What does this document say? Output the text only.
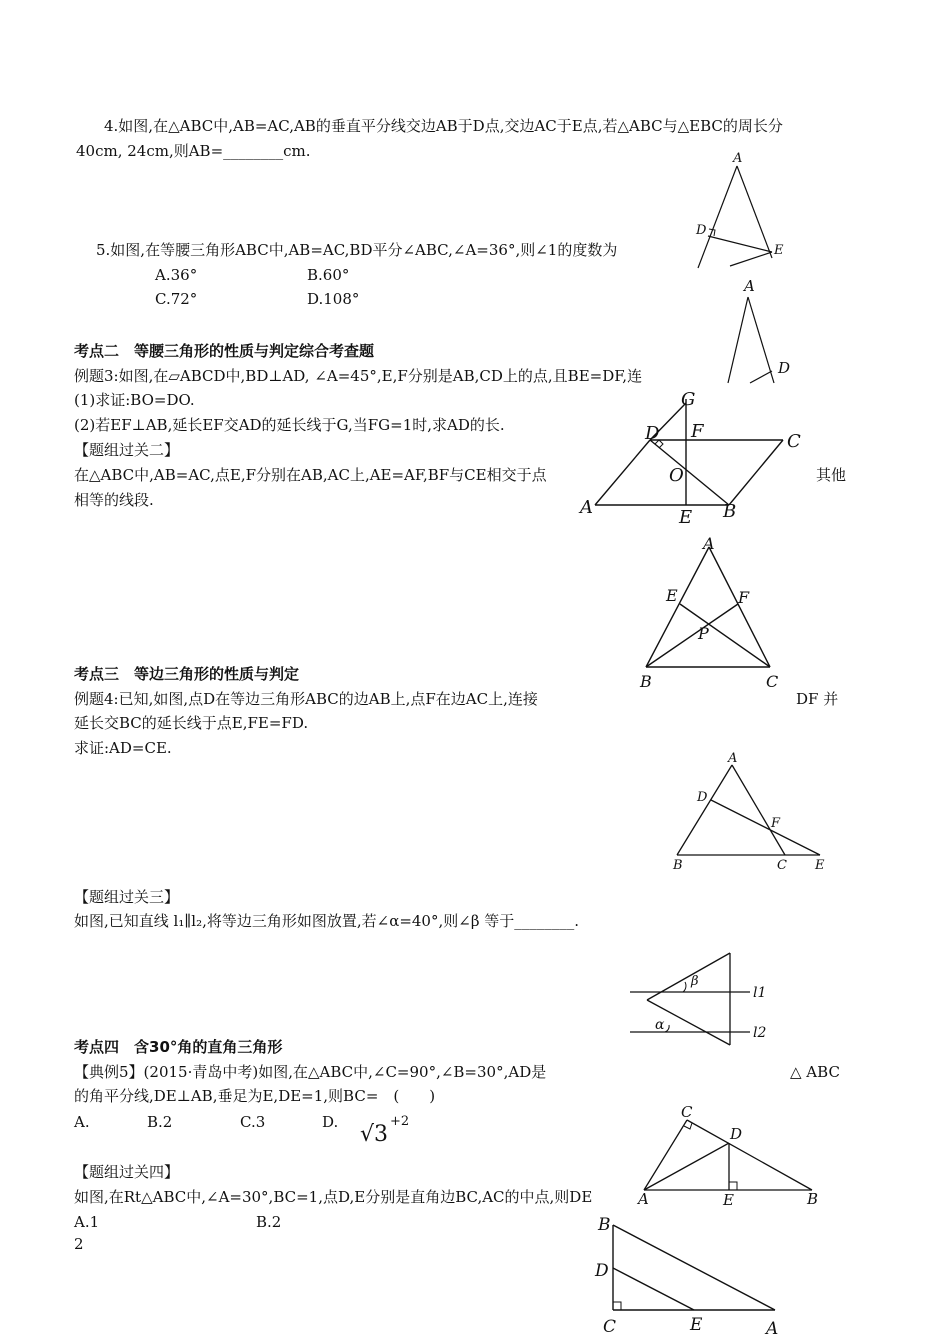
4.如图,在△ABC中,AB=AC,AB的垂直平分线交边AB于D点,交边AC于E点,若△ABC与△EBC的周长分
40cm, 24cm,则AB=________cm.	A
D
E
5.如图,在等腰三角形ABC中,AB=AC,BD平分∠ABC,∠A=36°,则∠1的度数为
A.36°	B.60°
C.72°	D.108°
A
D
考点二　等腰三角形的性质与判定综合考查题
例题3:如图,在▱ABCD中,BD⊥AD, ∠A=45°,E,F分别是AB,CD上的点,且BE=DF,连
(1)求证:BO=DO.
(2)若EF⊥AB,延长EF交AD的延长线于G,当FG=1时,求AD的长.
【题组过关二】
在△ABC中,AB=AC,点E,F分别在AB,AC上,AE=AF,BF与CE相交于点	其他
相等的线段.
G
D F	C
O
A	E B
A
E	F
P
B	C
考点三　等边三角形的性质与判定
例题4:已知,如图,点D在等边三角形ABC的边AB上,点F在边AC上,连接	DF 并
延长交BC的延长线于点E,FE=FD.
求证:AD=CE.
A
D
F
B	C E
【题组过关三】
如图,已知直线 l₁∥l₂,将等边三角形如图放置,若∠α=40°,则∠β 等于________.
β
l1
α	l2
考点四　含30°角的直角三角形
【典例5】(2015·青岛中考)如图,在△ABC中,∠C=90°,∠B=30°,AD是	△ ABC
的角平分线,DE⊥AB,垂足为E,DE=1,则BC=　(　　)
A.	B.2	C.3	D. √3
+2
C
D
A	E	B
【题组过关四】
如图,在Rt△ABC中,∠A=30°,BC=1,点D,E分别是直角边BC,AC的中点,则DE
A.1	B.2	B
D
C	E	A
2
